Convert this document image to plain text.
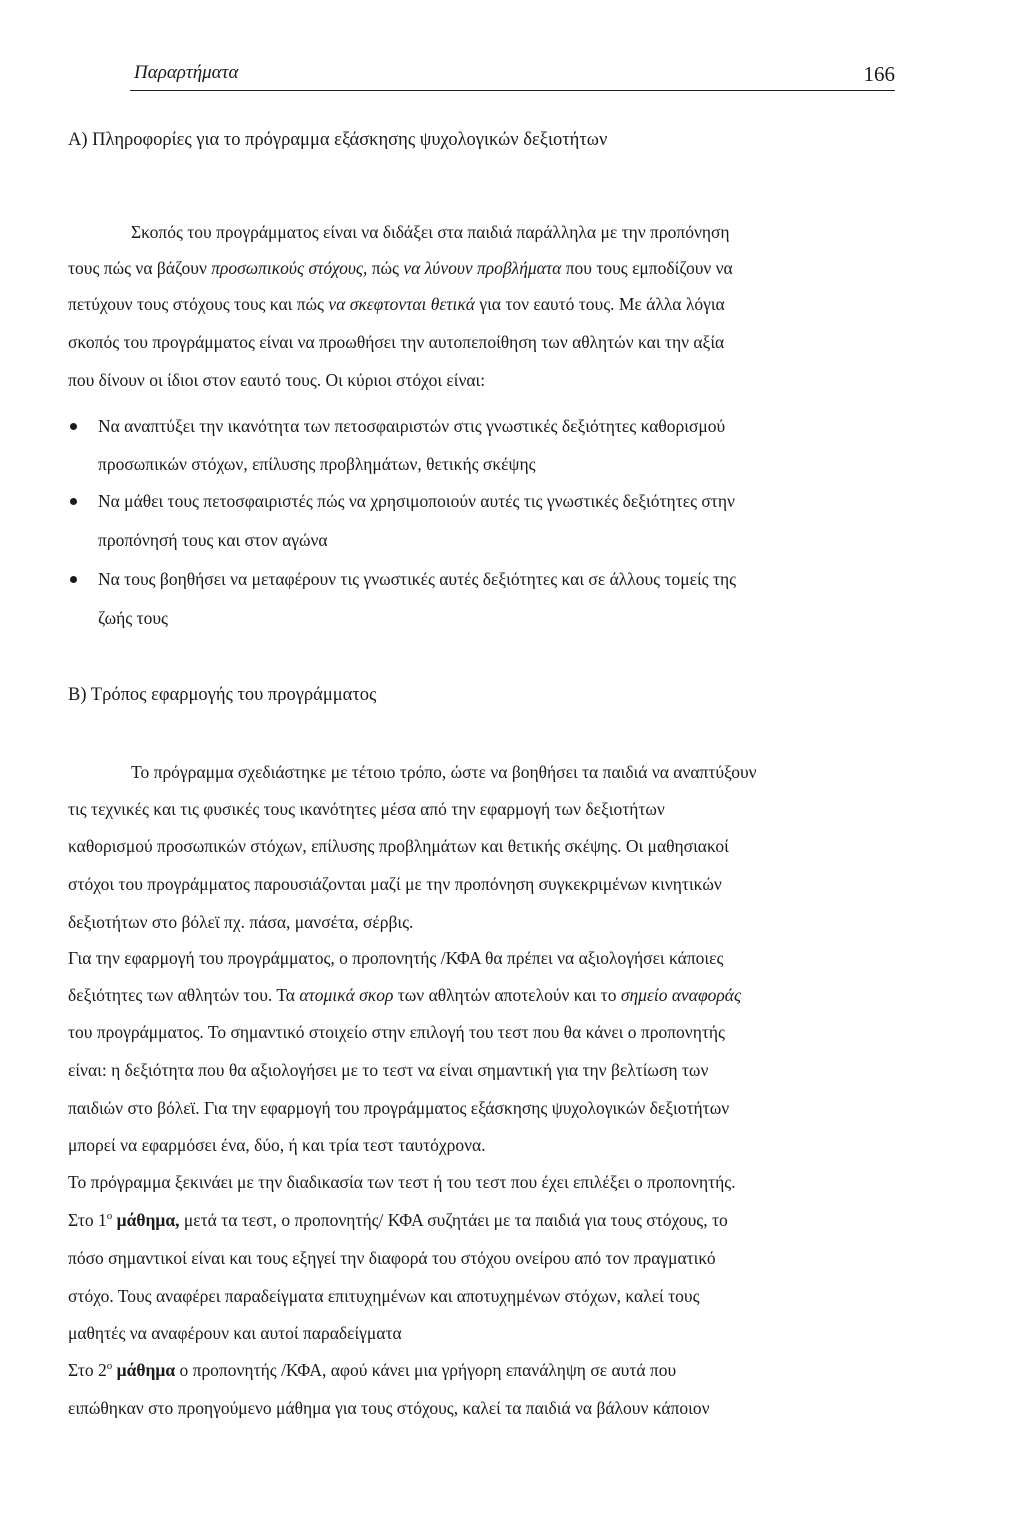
Παραρτήματα	166
Α) Πληροφορίες για το πρόγραμμα εξάσκησης ψυχολογικών δεξιοτήτων
Σκοπός του προγράμματος είναι να διδάξει στα παιδιά παράλληλα με την προπόνηση
τους πώς να βάζουν προσωπικούς στόχους, πώς να λύνουν προβλήματα που τους εμποδίζουν να
πετύχουν τους στόχους τους και πώς να σκεφτονται θετικά για τον εαυτό τους. Με άλλα λόγια
σκοπός του προγράμματος είναι να προωθήσει την αυτοπεποίθηση των αθλητών και την αξία
που δίνουν οι ίδιοι στον εαυτό τους. Οι κύριοι στόχοι είναι:
Να αναπτύξει την ικανότητα των πετοσφαιριστών στις γνωστικές δεξιότητες καθορισμού
προσωπικών στόχων, επίλυσης προβλημάτων, θετικής σκέψης
Να μάθει τους πετοσφαιριστές πώς να χρησιμοποιούν αυτές τις γνωστικές δεξιότητες στην
προπόνησή τους και στον αγώνα
Να τους βοηθήσει να μεταφέρουν τις γνωστικές αυτές δεξιότητες και σε άλλους τομείς της
ζωής τους
Β) Τρόπος εφαρμογής του προγράμματος
Το πρόγραμμα σχεδιάστηκε με τέτοιο τρόπο, ώστε να βοηθήσει τα παιδιά να αναπτύξουν
τις τεχνικές και τις φυσικές τους ικανότητες μέσα από την εφαρμογή των δεξιοτήτων
καθορισμού προσωπικών στόχων, επίλυσης προβλημάτων και θετικής σκέψης. Οι μαθησιακοί
στόχοι του προγράμματος παρουσιάζονται μαζί με την προπόνηση συγκεκριμένων κινητικών
δεξιοτήτων στο βόλεϊ πχ. πάσα, μανσέτα, σέρβις.
Για την εφαρμογή του προγράμματος, ο προπονητής /ΚΦΑ θα πρέπει να αξιολογήσει κάποιες
δεξιότητες των αθλητών του. Τα ατομικά σκορ των αθλητών αποτελούν και το σημείο αναφοράς
του προγράμματος. Το σημαντικό στοιχείο στην επιλογή του τεστ που θα κάνει ο προπονητής
είναι: η δεξιότητα που θα αξιολογήσει με το τεστ να είναι σημαντική για την βελτίωση των
παιδιών στο βόλεϊ. Για την εφαρμογή του προγράμματος εξάσκησης ψυχολογικών δεξιοτήτων
μπορεί να εφαρμόσει ένα, δύο, ή και τρία τεστ ταυτόχρονα.
Το πρόγραμμα ξεκινάει με την διαδικασία των τεστ ή του τεστ που έχει επιλέξει ο προπονητής.
Στο $1^o$ μάθημα, μετά τα τεστ, ο προπονητής/ ΚΦΑ συζητάει με τα παιδιά για τους στόχους, το
πόσο σημαντικοί είναι και τους εξηγεί την διαφορά του στόχου ονείρου από τον πραγματικό
στόχο. Τους αναφέρει παραδείγματα επιτυχημένων και αποτυχημένων στόχων, καλεί τους
μαθητές να αναφέρουν και αυτοί παραδείγματα
Στο $2^o$ μάθημα ο προπονητής /ΚΦΑ, αφού κάνει μια γρήγορη επανάληψη σε αυτά που
ειπώθηκαν στο προηγούμενο μάθημα για τους στόχους, καλεί τα παιδιά να βάλουν κάποιον
